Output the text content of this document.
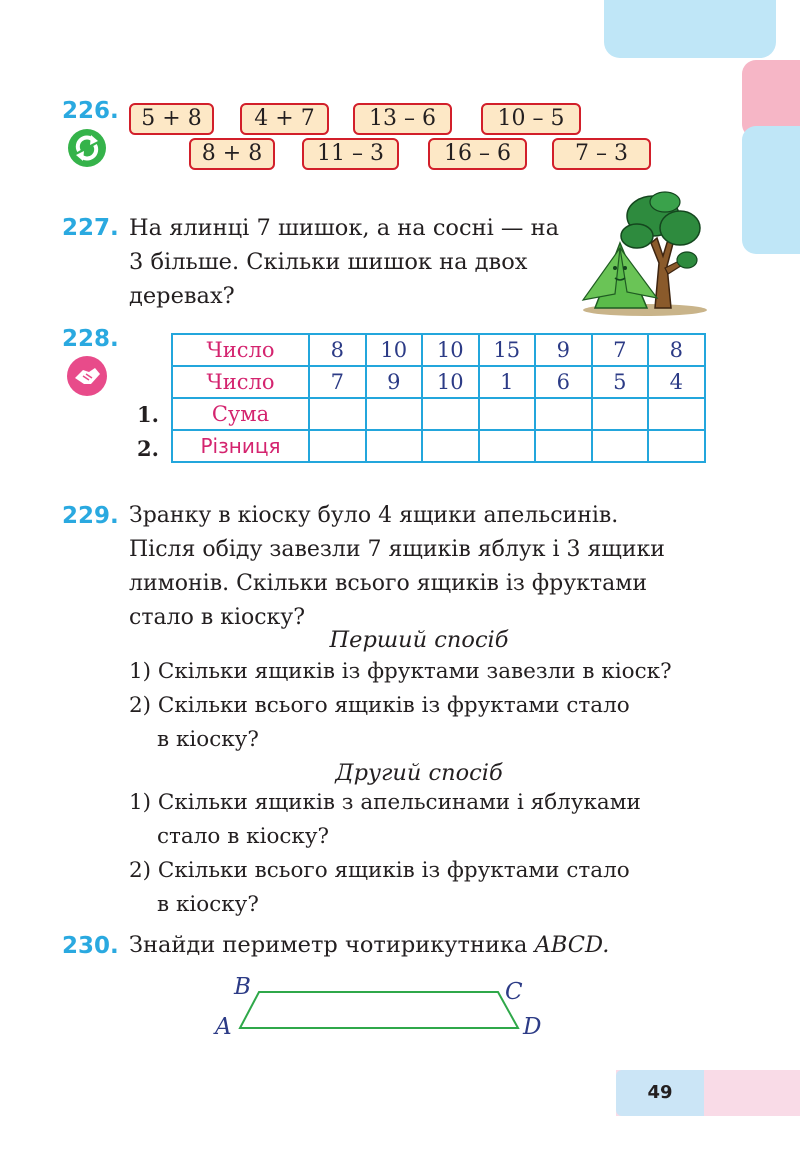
226.	5 + 8	4 + 7	13 – 6	10 – 5
8 + 8	11 – 3	16 – 6	7 – 3
227. На ялинці 7 шишок, а на сосні — на
3 більше. Скільки шишок на двох
деревах?
228.
1.
2.
Число	8	10	10	15	9	7	8
Число	7	9	10	1	6	5	4
Сума							
Різниця							
229. Зранку в кіоску було 4 ящики апельсинів.
Після обіду завезли 7 ящиків яблук і 3 ящики
лимонів. Скільки всього ящиків із фруктами
стало в кіоску?
Перший спосіб
1) Скільки ящиків із фруктами завезли в кіоск?
2) Скільки всього ящиків із фруктами стало
в кіоску?
Другий спосіб
1) Скільки ящиків з апельсинами і яблуками
стало в кіоску?
2) Скільки всього ящиків із фруктами стало
в кіоску?
230. Знайди периметр чотирикутника ABCD.
B	C
A	D
49
